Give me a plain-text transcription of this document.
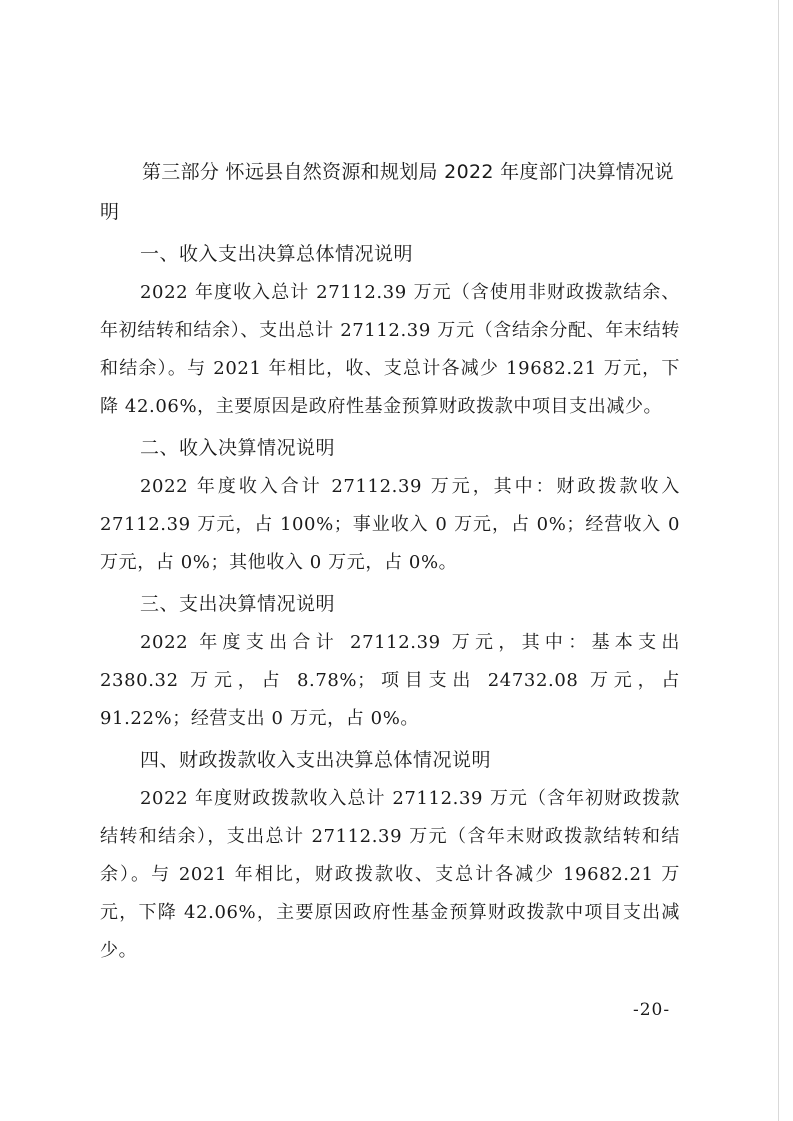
第三部分 怀远县自然资源和规划局 2022 年度部门决算情况说明
一、收入支出决算总体情况说明

2022 年度收入总计 27112.39 万元（含使用非财政拨款结余、年初结转和结余）、支出总计 27112.39 万元（含结余分配、年末结转和结余）。与 2021 年相比，收、支总计各减少 19682.21 万元，下降 42.06%，主要原因是政府性基金预算财政拨款中项目支出减少。

二、收入决算情况说明

2022 年度收入合计 27112.39 万元，其中：财政拨款收入 27112.39 万元，占 100%；事业收入 0 万元，占 0%；经营收入 0 万元，占 0%；其他收入 0 万元，占 0%。

三、支出决算情况说明

2022 年度支出合计 27112.39 万元，其中：基本支出 2380.32 万元，占 8.78%；项目支出 24732.08 万元，占 91.22%；经营支出 0 万元，占 0%。

四、财政拨款收入支出决算总体情况说明

2022 年度财政拨款收入总计 27112.39 万元（含年初财政拨款结转和结余），支出总计 27112.39 万元（含年末财政拨款结转和结余）。与 2021 年相比，财政拨款收、支总计各减少 19682.21 万元，下降 42.06%，主要原因政府性基金预算财政拨款中项目支出减少。

-20-
